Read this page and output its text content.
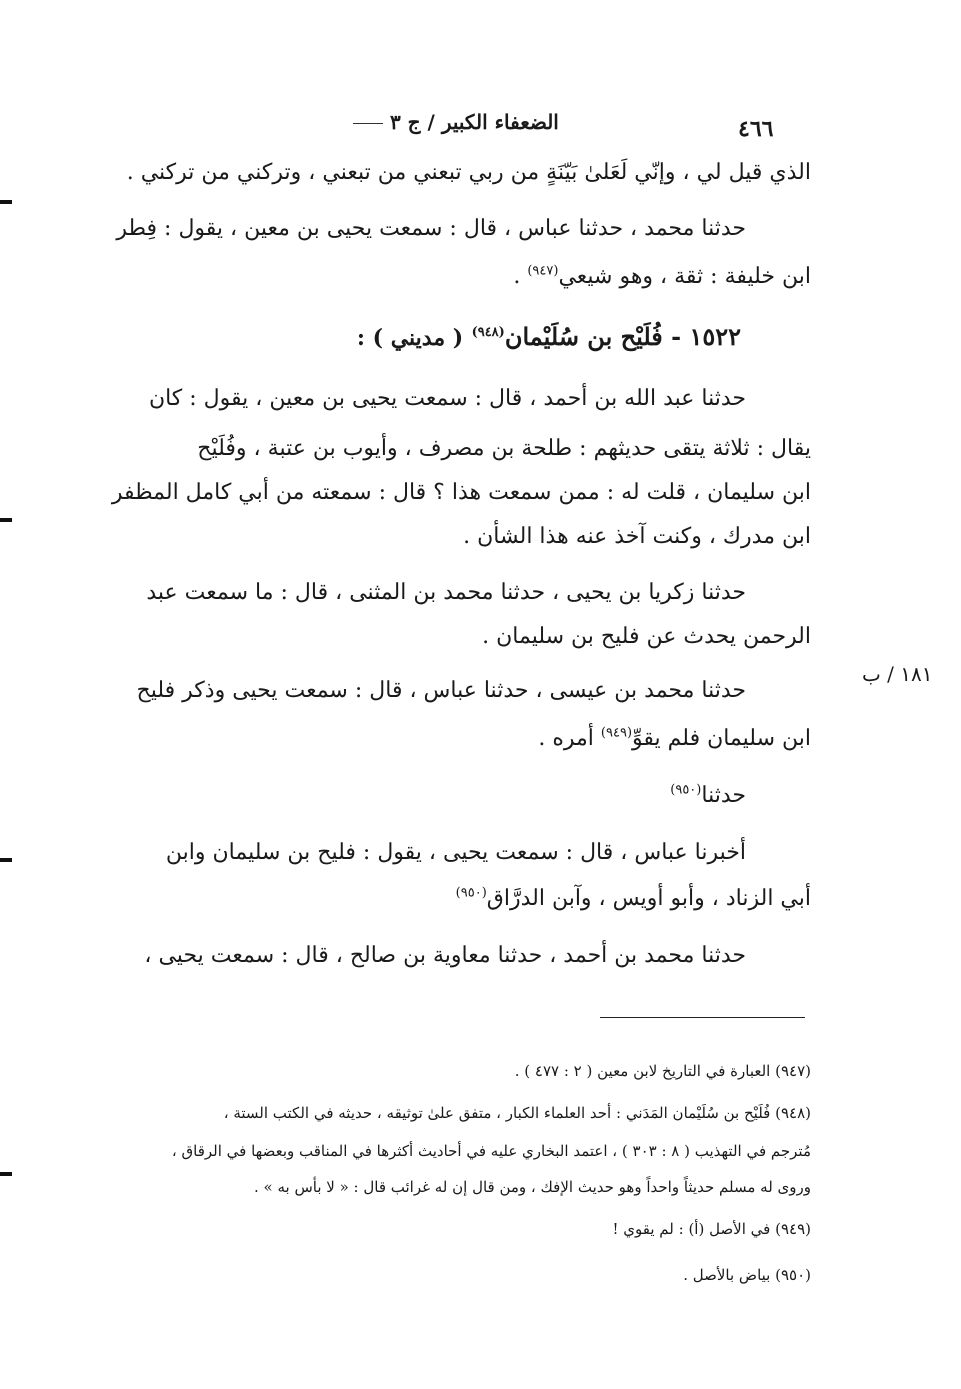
٤٦٦
الضعفاء الكبير / ج ٣
الذي قيل لي ، وإنّي لَعَلىٰ بَيّنَةٍ من ربي تبعني من تبعني ، وتركني من تركني .
حدثنا محمد ، حدثنا عباس ، قال : سمعت يحيى بن معين ، يقول : فِطر
ابن خليفة : ثقة ، وهو شيعي$^{(٩٤٧)}$ .
١٥٢٢ - فُلَيْح بن سُلَيْمان$^{(٩٤٨)}$ ( مديني ) :
حدثنا عبد الله بن أحمد ، قال : سمعت يحيى بن معين ، يقول : كان
يقال : ثلاثة يتقى حديثهم : طلحة بن مصرف ، وأيوب بن عتبة ، وفُلَيْح
ابن سليمان ، قلت له : ممن سمعت هذا ؟ قال : سمعته من أبي كامل المظفر
ابن مدرك ، وكنت آخذ عنه هذا الشأن .
حدثنا زكريا بن يحيى ، حدثنا محمد بن المثنى ، قال : ما سمعت عبد
الرحمن يحدث عن فليح بن سليمان .
حدثنا محمد بن عيسى ، حدثنا عباس ، قال : سمعت يحيى وذكر فليح
ابن سليمان فلم يقوِّ$^{(٩٤٩)}$ أمره .
حدثنا$^{(٩٥٠)}$
أخبرنا عباس ، قال : سمعت يحيى ، يقول : فليح بن سليمان وابن
أبي الزناد ، وأبو أويس ، وآبن الدرَّاق$^{(٩٥٠)}$
حدثنا محمد بن أحمد ، حدثنا معاوية بن صالح ، قال : سمعت يحيى ،
١٨١ / ب
(٩٤٧) العبارة في التاريخ لابن معين ( ٢ : ٤٧٧ ) .
(٩٤٨) فُلَيْح بن سُلَيْمان المَدَني : أحد العلماء الكبار ، متفق علىٰ توثيقه ، حديثه في الكتب الستة ،
مُترجم في التهذيب ( ٨ : ٣٠٣ ) ، اعتمد البخاري عليه في أحاديث أكثرها في المناقب وبعضها في الرقاق ،
وروى له مسلم حديثاً واحداً وهو حديث الإفك ، ومن قال إن له غرائب قال : « لا بأس به » .
(٩٤٩) في الأصل (أ) : لم يقوي !
(٩٥٠) بياض بالأصل .
